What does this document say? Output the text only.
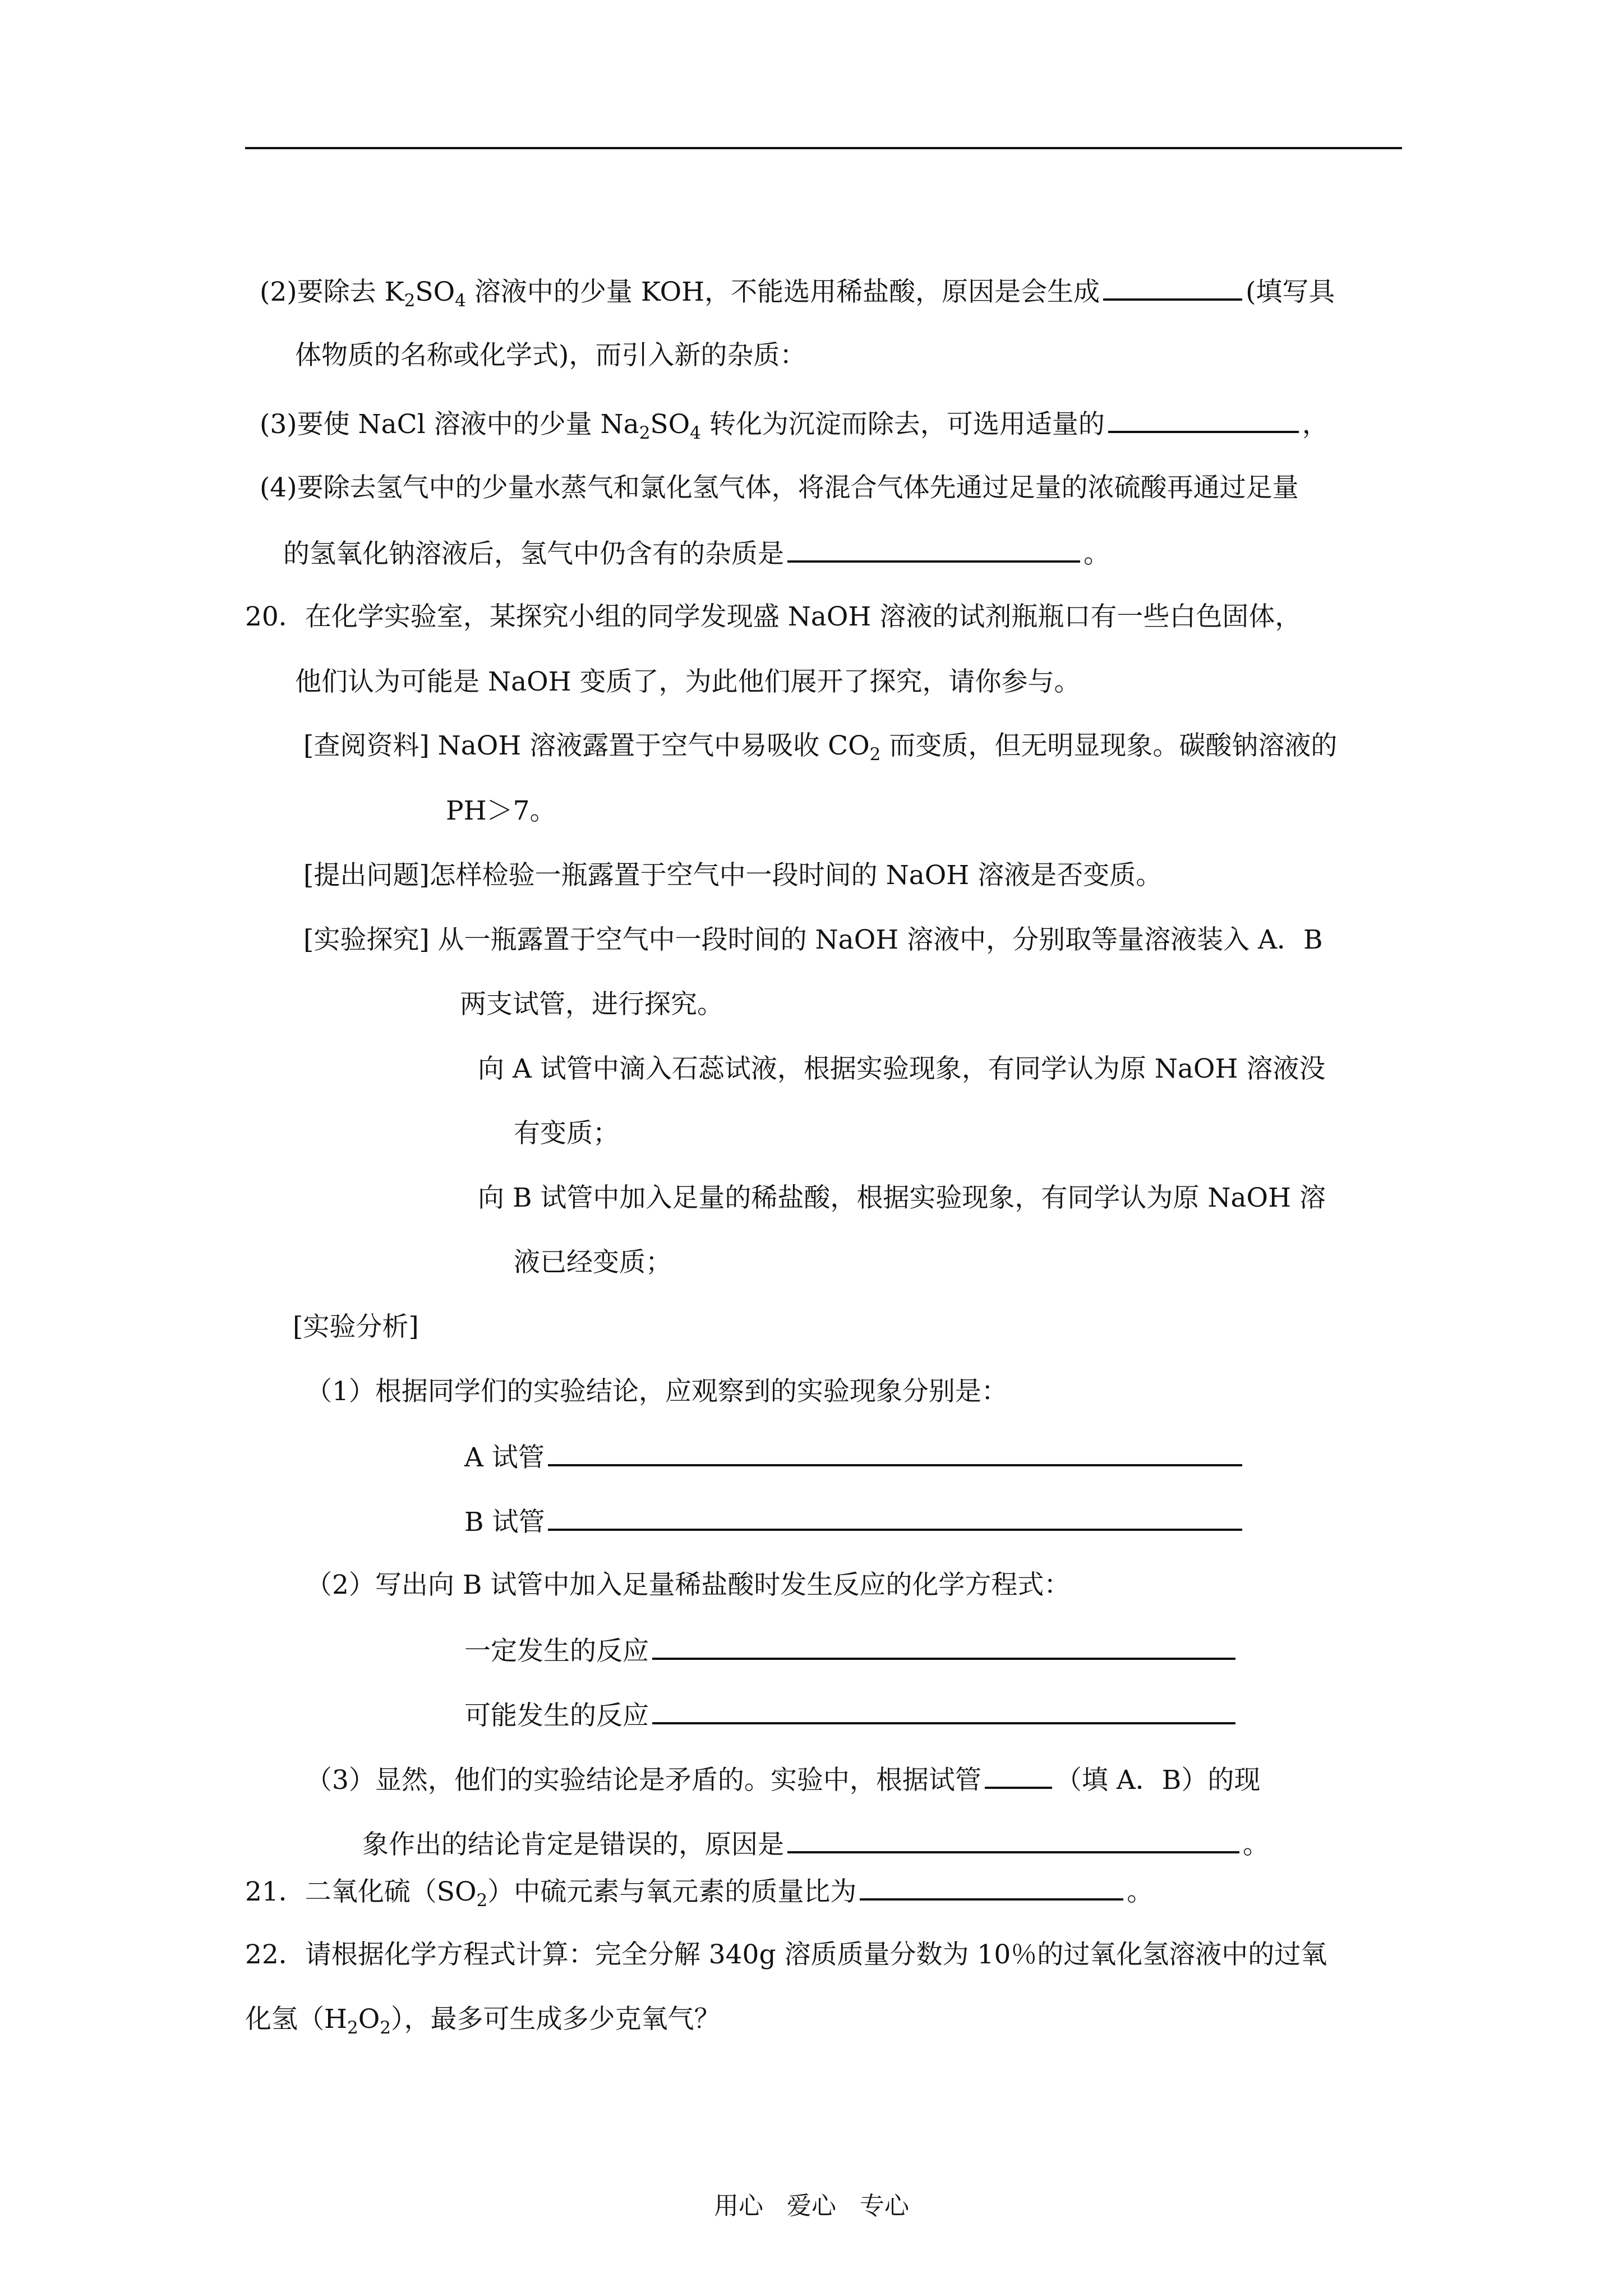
(2)要除去 $K_2SO_4$ 溶液中的少量 KOH，不能选用稀盐酸，原因是会生成	(填写具
体物质的名称或化学式)，而引入新的杂质：
(3)要使 NaCl 溶液中的少量 $Na_2SO_4$ 转化为沉淀而除去，可选用适量的	，
(4)要除去氢气中的少量水蒸气和氯化氢气体，将混合气体先通过足量的浓硫酸再通过足量
的氢氧化钠溶液后，氢气中仍含有的杂质是	。
20．在化学实验室，某探究小组的同学发现盛 NaOH 溶液的试剂瓶瓶口有一些白色固体，
他们认为可能是 NaOH 变质了，为此他们展开了探究，请你参与。
[查阅资料] NaOH 溶液露置于空气中易吸收 $CO_2$ 而变质，但无明显现象。碳酸钠溶液的
PH＞7。
[提出问题]怎样检验一瓶露置于空气中一段时间的 NaOH 溶液是否变质。
[实验探究] 从一瓶露置于空气中一段时间的 NaOH 溶液中，分别取等量溶液装入 A．B
两支试管，进行探究。
向 A 试管中滴入石蕊试液，根据实验现象，有同学认为原 NaOH 溶液没
有变质；
向 B 试管中加入足量的稀盐酸，根据实验现象，有同学认为原 NaOH 溶
液已经变质；
[实验分析]
（1）根据同学们的实验结论，应观察到的实验现象分别是：
A 试管
B 试管
（2）写出向 B 试管中加入足量稀盐酸时发生反应的化学方程式：
一定发生的反应
可能发生的反应
（3）显然，他们的实验结论是矛盾的。实验中，根据试管	（填 A．B）的现
象作出的结论肯定是错误的，原因是	。
21．二氧化硫$(SO_2)$中硫元素与氧元素的质量比为	。
22．请根据化学方程式计算：完全分解 340g 溶质质量分数为 10％的过氧化氢溶液中的过氧
化氢$(H_2O_2)$，最多可生成多少克氧气？
用心   爱心   专心
